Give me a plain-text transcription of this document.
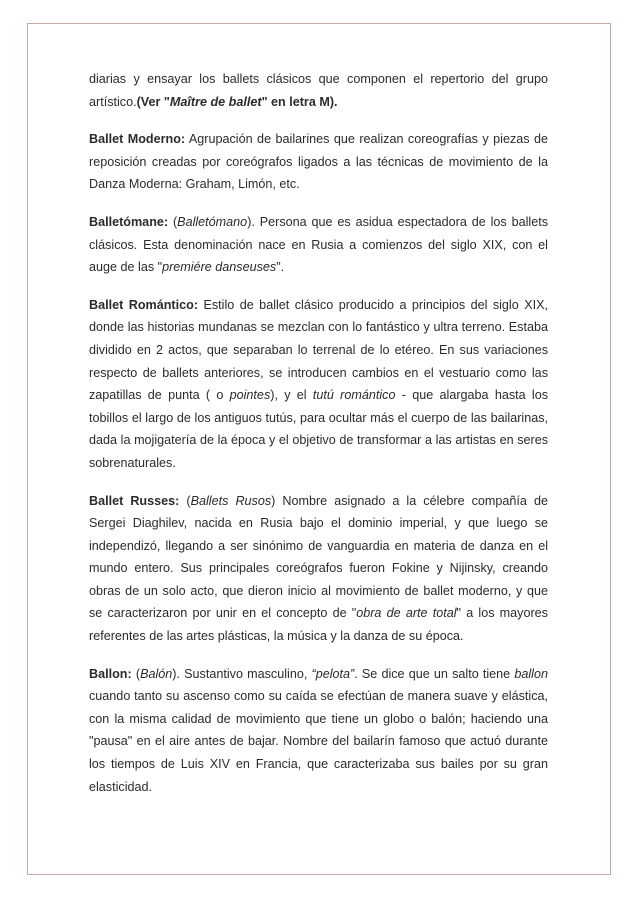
diarias y ensayar los ballets clásicos que componen el repertorio del grupo artístico.(Ver "Maître de ballet" en letra M).

Ballet Moderno: Agrupación de bailarines que realizan coreografías y piezas de reposición creadas por coreógrafos ligados a las técnicas de movimiento de la Danza Moderna: Graham, Limón, etc.

Balletómane: (Balletómano). Persona que es asidua espectadora de los ballets clásicos. Esta denominación nace en Rusia a comienzos del siglo XIX, con el auge de las "premiére danseuses".

Ballet Romántico: Estilo de ballet clásico producido a principios del siglo XIX, donde las historias mundanas se mezclan con lo fantástico y ultra terreno. Estaba dividido en 2 actos, que separaban lo terrenal de lo etéreo. En sus variaciones respecto de ballets anteriores, se introducen cambios en el vestuario como las zapatillas de punta ( o pointes), y el tutú romántico - que alargaba hasta los tobillos el largo de los antiguos tutús, para ocultar más el cuerpo de las bailarinas, dada la mojigatería de la época y el objetivo de transformar a las artistas en seres sobrenaturales.

Ballet Russes: (Ballets Rusos) Nombre asignado a la célebre compañía de Sergei Diaghilev, nacida en Rusia bajo el dominio imperial, y que luego se independizó, llegando a ser sinónimo de vanguardia en materia de danza en el mundo entero. Sus principales coreógrafos fueron Fokine y Nijinsky, creando obras de un solo acto, que dieron inicio al movimiento de ballet moderno, y que se caracterizaron por unir en el concepto de "obra de arte total" a los mayores referentes de las artes plásticas, la música y la danza de su época.

Ballon: (Balón). Sustantivo masculino, “pelota”. Se dice que un salto tiene ballon cuando tanto su ascenso como su caída se efectúan de manera suave y elástica, con la misma calidad de movimiento que tiene un globo o balón; haciendo una "pausa" en el aire antes de bajar. Nombre del bailarín famoso que actuó durante los tiempos de Luis XIV en Francia, que caracterizaba sus bailes por su gran elasticidad.
